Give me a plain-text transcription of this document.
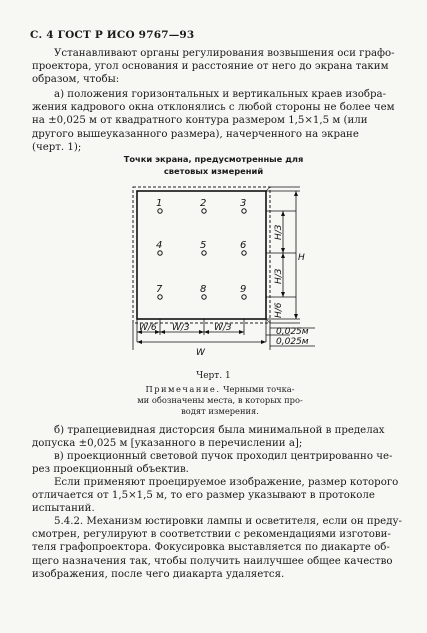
С. 4 ГОСТ Р ИСО 9767—93

Устанавливают органы регулирования возвышения оси графо-

проектора, угол основания и расстояние от него до экрана таким

образом, чтобы:

а) положения горизонтальных и вертикальных краев изобра-

жения кадрового окна отклонялись с любой стороны не более чем

на ±0,025 м от квадратного контура размером 1,5×1,5 м (или

другого вышеуказанного размера), начерченного на экране

(черт. 1);

Точки экрана, предусмотренные для
световых измерений
1	2	3
4	5	6
7	8	9
H/3
H/3
H/6
H
W/6 W/3	W/3
W
0,025м
0,025м
Черт. 1
Примечание. Черными точка-
ми обозначены места, в которых про-
водят измерения.

б) трапециевидная дисторсия была минимальной в пределах

допуска ±0,025 м [указанного в перечислении а];

в) проекционный световой пучок проходил центрированно че-

рез проекционный объектив.

Если применяют проецируемое изображение, размер которого

отличается от 1,5×1,5 м, то его размер указывают в протоколе

испытаний.

5.4.2. Механизм юстировки лампы и осветителя, если он преду-

смотрен, регулируют в соответствии с рекомендациями изготови-

теля графопроектора. Фокусировка выставляется по диакарте об-

щего назначения так, чтобы получить наилучшее общее качество

изображения, после чего диакарта удаляется.
